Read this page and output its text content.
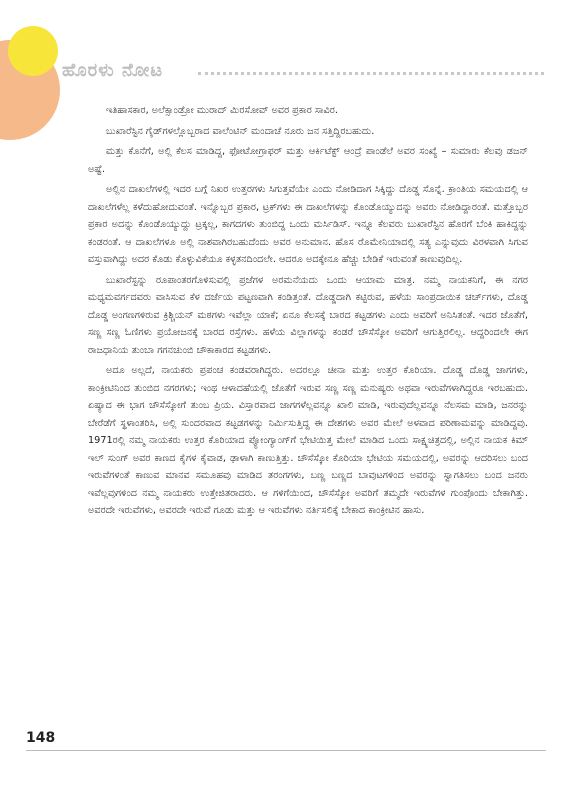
ಹೊರಳು ನೋಟ

ಇತಿಹಾಸಕಾರ, ಅಲೆಕ್ಸಾಂಡ್ರೋ ಮುರಾದ್ ಮಿರಸೋವ್ ಅವರ ಪ್ರಕಾರ ಸಾವಿರ.

ಬುಖಾರೆಸ್ಟಿನ ಗೈಡ್‌ಗಳಲ್ಲೊಬ್ಬರಾದ ವಾಲೆಂಟಿನ್ ಮಂದಾಚೆ ನೂರು ಜನ ಸತ್ತಿದ್ದಿರಬಹುದು.

ಮತ್ತು ಕೊನೆಗೆ, ಅಲ್ಲಿ ಕೆಲಸ ಮಾಡಿದ್ದ, ಫೋಟೋಗ್ರಾಫರ್ ಮತ್ತು ಆರ್ಕಿಟೆಕ್ಟ್ ಆಂದ್ರೆ ಪಾಂಡೆಲೆ ಅವರ ಸಂಖ್ಯೆ – ಸುಮಾರು ಕೆಲವು ಡಜನ್ ಅಷ್ಟೆ.

ಅಲ್ಲಿನ ದಾಖಲೆಗಳಲ್ಲಿ ಇದರ ಬಗ್ಗೆ ನಿಖರ ಉತ್ತರಗಳು ಸಿಗುತ್ತವೆಯೇ ಎಂದು ನೋಡಿದಾಗ ಸಿಕ್ಕಿದ್ದು ದೊಡ್ಡ ಸೊನ್ನೆ. ಕ್ರಾಂತಿಯ ಸಮಯದಲ್ಲಿ ಆ ದಾಖಲೆಗಳೆಲ್ಲ ಕಳೆದುಹೋದುವಂತೆ. ಇನ್ನೊಬ್ಬರ ಪ್ರಕಾರ, ಟ್ರಕ್‌ಗಳು ಈ ದಾಖಲೆಗಳನ್ನು ಕೊಂಡೊಯ್ಯುದನ್ನು ಅವರು ನೋಡಿದ್ದಾರಂತೆ. ಮತ್ತೊಬ್ಬರ ಪ್ರಕಾರ ಅದನ್ನು ಕೊಂಡೊಯ್ಯುದ್ದು ಟ್ರಕ್ಕಲ್ಲ, ಕಾಗದಗಳು ತುಂಬಿದ್ದ ಒಂದು ಮರ್ಸಿಡಿಸ್. ಇನ್ನೂ ಕೆಲವರು ಬುಖಾರೆಸ್ಟಿನ ಹೊರಗೆ ಬೆಂಕಿ ಹಾಕಿದ್ದನ್ನು ಕಂಡರಂತೆ. ಆ ದಾಖಲೆಗಳೂ ಅಲ್ಲಿ ನಾಶವಾಗಿರಬಹುದೆಂದು ಅವರ ಅನುಮಾನ. ಹೊಸ ರೊಮೇನಿಯಾದಲ್ಲಿ ಸತ್ಯ ಎನ್ನುವುದು ವಿರಳವಾಗಿ ಸಿಗುವ ವಸ್ತುವಾಗಿದ್ದು ಅದರ ಕೊಡು ಕೊಳ್ಳುವಿಕೆಯೂ ಕಳ್ಳತನದಿಂದಲೇ. ಆದರೂ ಅದಕ್ಕೇನೂ ಹೆಚ್ಚು ಬೇಡಿಕೆ ಇರುವಂತೆ ಕಾಣುವುದಿಲ್ಲ.

ಬುಖಾರೆಸ್ಟನ್ನು ರೂಪಾಂತರಗೊಳಿಸುವಲ್ಲಿ ಪ್ರಜೆಗಳ ಅರಮನೆಯದು ಒಂದು ಆಯಾಮ ಮಾತ್ರ. ನಮ್ಮ ನಾಯಕನಿಗೆ, ಈ ನಗರ ಮಧ್ಯಮವರ್ಗದವರು ವಾಸಿಸುವ ಕೆಳ ದರ್ಜೆಯ ಪಟ್ಟಣವಾಗಿ ಕಂಡಿತ್ತಂತೆ. ದೊಡ್ಡದಾಗಿ ಕಟ್ಟಿರುವ, ಹಳೆಯ ಸಾಂಪ್ರದಾಯಿಕ ಚರ್ಚ್‌ಗಳು, ದೊಡ್ಡ ದೊಡ್ಡ ಅಂಗಣಗಳಿರುವ ಕ್ರಿಶ್ಚಿಯನ್ ಮಠಗಳು ಇವೆಲ್ಲಾ ಯಾಕೆ; ಏನೂ ಕೆಲಸಕ್ಕೆ ಬಾರದ ಕಟ್ಟಡಗಳು ಎಂದು ಅವರಿಗೆ ಅನಿಸಿತಂತೆ. ಇದರ ಜೊತೆಗೆ, ಸಣ್ಣ ಸಣ್ಣ ಓಣಿಗಳು ಪ್ರಯೋಜನಕ್ಕೆ ಬಾರದ ರಸ್ತೆಗಳು. ಹಳೆಯ ವಿಲ್ಲಾಗಳನ್ನು ಕಂಡರೆ ಚೌಸೆಸ್ಕೋ ಅವರಿಗೆ ಆಗುತ್ತಿರಲಿಲ್ಲ. ಆದ್ದರಿಂದಲೇ ಈಗ ರಾಜಧಾನಿಯ ತುಂಬಾ ಗಗನಚುಂಬಿ ಚೌಕಾಕಾರದ ಕಟ್ಟಡಗಳು.

ಅದೂ ಅಲ್ಲದೆ, ನಾಯಕರು ಪ್ರಪಂಚ ಕಂಡವರಾಗಿದ್ದರು. ಅದರಲ್ಲೂ ಚೀನಾ ಮತ್ತು ಉತ್ತರ ಕೊರಿಯಾ. ದೊಡ್ಡ ದೊಡ್ಡ ಜಾಗಗಳು, ಕಾಂಕ್ರೀಟಿನಿಂದ ತುಂಬಿದ ನಗರಗಳು; ಇಂಥ ಆಳಾದಹೆಯಲ್ಲಿ ಜೊತೆಗೆ ಇರುವ ಸಣ್ಣ ಸಣ್ಣ ಮನುಷ್ಯರು ಅಥವಾ ಇರುವೆಗಳಾಗಿದ್ದರೂ ಇರಬಹುದು. ಏಷ್ಯಾದ ಈ ಭಾಗ ಚೌಸೆಸ್ಕೋಗೆ ತುಂಬ ಪ್ರಿಯ. ವಿಸ್ತಾರವಾದ ಜಾಗಗಳೆಲ್ಲವನ್ನೂ ಖಾಲಿ ಮಾಡಿ, ಇರುವುದೆಲ್ಲವನ್ನೂ ನೆಲಸಮ ಮಾಡಿ, ಜನರನ್ನು ಬೇರೆಡೆಗೆ ಸ್ಥಳಾಂತರಿಸಿ, ಅಲ್ಲಿ ಸುಂದರವಾದ ಕಟ್ಟಡಗಳನ್ನು ನಿರ್ಮಿಸುತ್ತಿದ್ದ ಈ ದೇಶಗಳು ಅವರ ಮೇಲೆ ಅಳವಾದ ಪರಿಣಾಮವನ್ನು ಮಾಡಿದ್ದವು. 1971ರಲ್ಲಿ ನಮ್ಮ ನಾಯಕರು ಉತ್ತರ ಕೊರಿಯಾದ ಪ್ಯೋಂಗ್ಯಾಂಗ್‌ಗೆ ಭೇಟಿಯಿತ್ತ ಮೇಲೆ ಮಾಡಿದ ಒಂದು ಸಾಕ್ಷ್ಯಚಿತ್ರದಲ್ಲಿ, ಅಲ್ಲಿನ ನಾಯಕ ಕಿಮ್ ಇಲ್ ಸುಂಗ್ ಅವರ ಕಾಣದ ಕೈಗಳ ಕೈವಾಡ, ಢಾಳಾಗಿ ಕಾಣುತ್ತಿತ್ತು. ಚೌಸೆಸ್ಕೋ ಕೊರಿಯಾ ಭೇಟಿಯ ಸಮಯದಲ್ಲಿ, ಅವರನ್ನು ಆದರಿಸಲು ಬಂದ ಇರುವೆಗಳಂತೆ ಕಾಣುವ ಮಾನವ ಸಮೂಹವು ಮಾಡಿದ ತರಂಗಗಳು, ಬಣ್ಣ ಬಣ್ಣದ ಬಾವುಟಗಳಿಂದ ಅವರನ್ನು ಸ್ವಾಗತಿಸಲು ಬಂದ ಜನರು ಇವೆಲ್ಲವುಗಳಿಂದ ನಮ್ಮ ನಾಯಕರು ಉತ್ತೇಜಿತರಾದರು. ಆ ಗಳಿಗೆಯಿಂದ, ಚೌಸೆಸ್ಕೋ ಅವರಿಗೆ ತಮ್ಮದೇ ಇರುವೆಗಳ ಗುಂಪೊಂದು ಬೇಕಾಗಿತ್ತು. ಅವರದೇ ಇರುವೆಗಳು, ಅವರದೇ ಇರುವೆ ಗೂಡು ಮತ್ತು ಆ ಇರುವೆಗಳು ನರ್ತಿಸಲಿಕ್ಕೆ ಬೇಕಾದ ಕಾಂಕ್ರೀಟಿನ ಹಾಸು.

148
